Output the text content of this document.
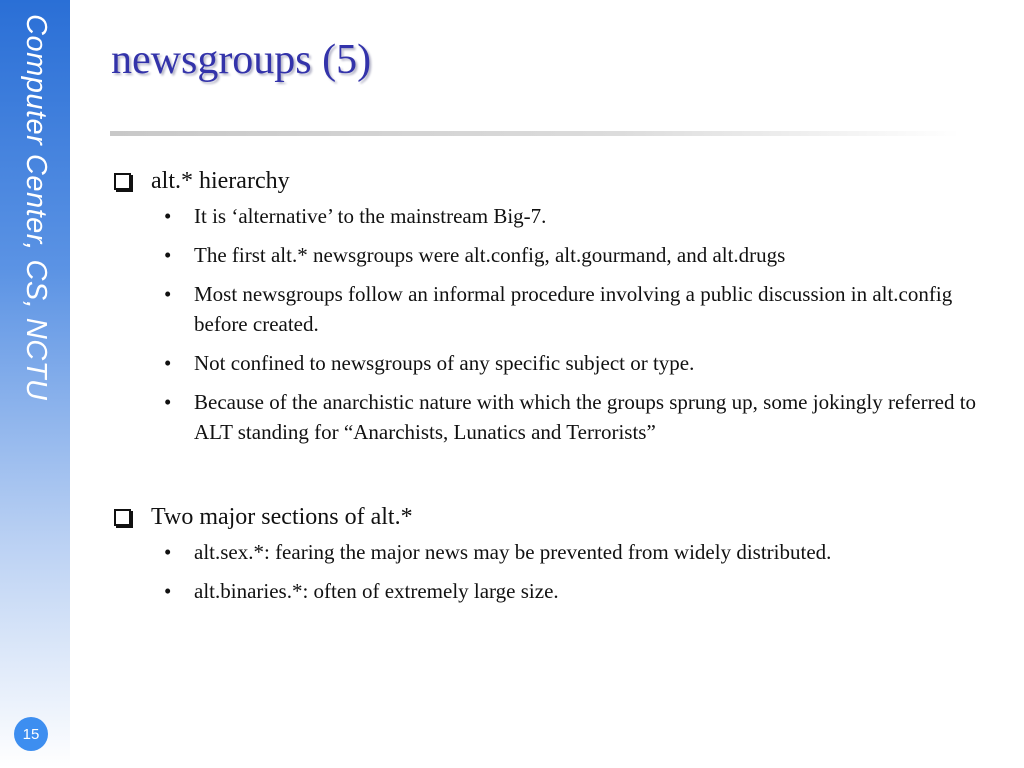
Computer Center, CS, NCTU
15
newsgroups (5)
alt.* hierarchy
• It is ‘alternative’ to the mainstream Big-7.
• The first alt.* newsgroups were alt.config, alt.gourmand, and alt.drugs
• Most newsgroups follow an informal procedure involving a public discussion in alt.config before created.
• Not confined to newsgroups of any specific subject or type.
• Because of the anarchistic nature with which the groups sprung up, some jokingly referred to ALT standing for “Anarchists, Lunatics and Terrorists”
Two major sections of alt.*
• alt.sex.*: fearing the major news may be prevented from widely distributed.
• alt.binaries.*: often of extremely large size.
